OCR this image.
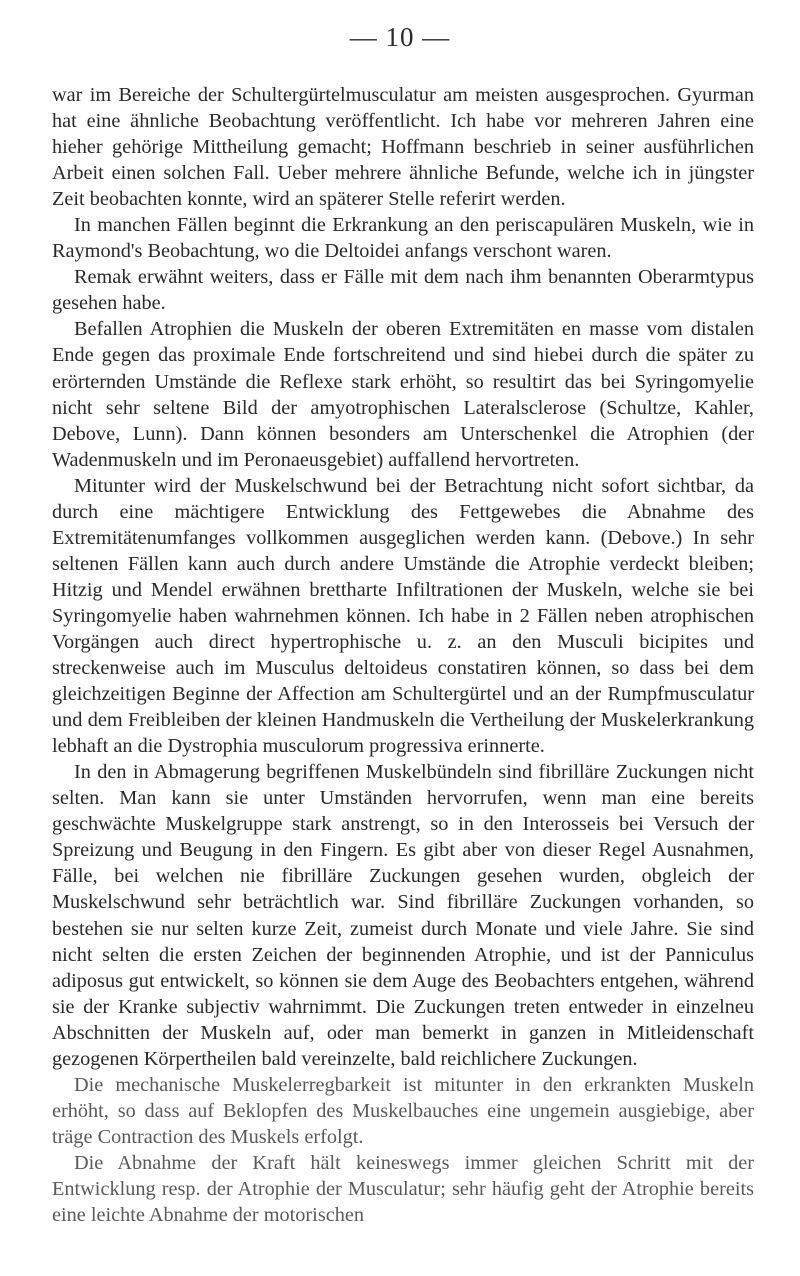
— 10 —

war im Bereiche der Schultergürtelmusculatur am meisten ausgesprochen. Gyurman hat eine ähnliche Beobachtung veröffentlicht. Ich habe vor mehreren Jahren eine hieher gehörige Mittheilung gemacht; Hoffmann beschrieb in seiner ausführlichen Arbeit einen solchen Fall. Ueber mehrere ähnliche Befunde, welche ich in jüngster Zeit beobachten konnte, wird an späterer Stelle referirt werden.

In manchen Fällen beginnt die Erkrankung an den periscapulären Muskeln, wie in Raymond's Beobachtung, wo die Deltoidei anfangs verschont waren.

Remak erwähnt weiters, dass er Fälle mit dem nach ihm benannten Oberarmtypus gesehen habe.

Befallen Atrophien die Muskeln der oberen Extremitäten en masse vom distalen Ende gegen das proximale Ende fortschreitend und sind hiebei durch die später zu erörternden Umstände die Reflexe stark erhöht, so resultirt das bei Syringomyelie nicht sehr seltene Bild der amyotrophischen Lateralsclerose (Schultze, Kahler, Debove, Lunn). Dann können besonders am Unterschenkel die Atrophien (der Wadenmuskeln und im Peronaeusgebiet) auffallend hervortreten.

Mitunter wird der Muskelschwund bei der Betrachtung nicht sofort sichtbar, da durch eine mächtigere Entwicklung des Fettgewebes die Abnahme des Extremitätenumfanges vollkommen ausgeglichen werden kann. (Debove.) In sehr seltenen Fällen kann auch durch andere Umstände die Atrophie verdeckt bleiben; Hitzig und Mendel erwähnen brettharte Infiltrationen der Muskeln, welche sie bei Syringomyelie haben wahrnehmen können. Ich habe in 2 Fällen neben atrophischen Vorgängen auch direct hypertrophische u. z. an den Musculi bicipites und streckenweise auch im Musculus deltoideus constatiren können, so dass bei dem gleichzeitigen Beginne der Affection am Schultergürtel und an der Rumpfmusculatur und dem Freibleiben der kleinen Handmuskeln die Vertheilung der Muskelerkrankung lebhaft an die Dystrophia musculorum progressiva erinnerte.

In den in Abmagerung begriffenen Muskelbündeln sind fibrilläre Zuckungen nicht selten. Man kann sie unter Umständen hervorrufen, wenn man eine bereits geschwächte Muskelgruppe stark anstrengt, so in den Interosseis bei Versuch der Spreizung und Beugung in den Fingern. Es gibt aber von dieser Regel Ausnahmen, Fälle, bei welchen nie fibrilläre Zuckungen gesehen wurden, obgleich der Muskelschwund sehr beträchtlich war. Sind fibrilläre Zuckungen vorhanden, so bestehen sie nur selten kurze Zeit, zumeist durch Monate und viele Jahre. Sie sind nicht selten die ersten Zeichen der beginnenden Atrophie, und ist der Panniculus adiposus gut entwickelt, so können sie dem Auge des Beobachters entgehen, während sie der Kranke subjectiv wahrnimmt. Die Zuckungen treten entweder in einzelneu Abschnitten der Muskeln auf, oder man bemerkt in ganzen in Mitleidenschaft gezogenen Körpertheilen bald vereinzelte, bald reichlichere Zuckungen.

Die mechanische Muskelerregbarkeit ist mitunter in den erkrankten Muskeln erhöht, so dass auf Beklopfen des Muskelbauches eine ungemein ausgiebige, aber träge Contraction des Muskels erfolgt.

Die Abnahme der Kraft hält keineswegs immer gleichen Schritt mit der Entwicklung resp. der Atrophie der Musculatur; sehr häufig geht der Atrophie bereits eine leichte Abnahme der motorischen
